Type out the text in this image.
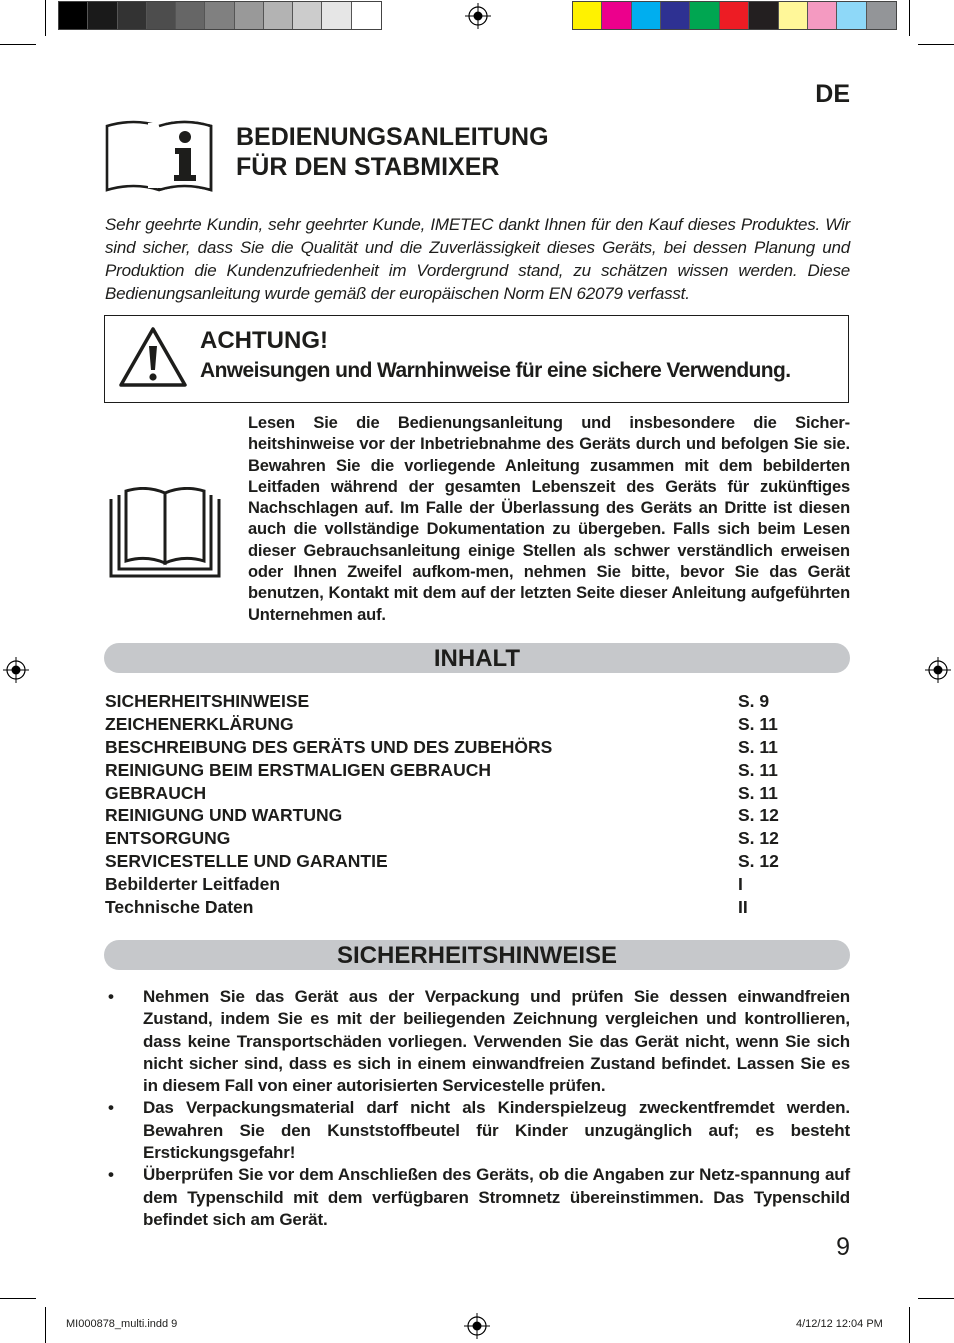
DE
BEDIENUNGSANLEITUNG
FÜR DEN STABMIXER
Sehr geehrte Kundin, sehr geehrter Kunde, IMETEC dankt Ihnen für den Kauf dieses Produktes. Wir sind sicher, dass Sie die Qualität und die Zuverlässigkeit dieses Geräts, bei dessen Planung und Produktion die Kundenzufriedenheit im Vordergrund stand, zu schätzen wissen werden. Diese Bedienungsanleitung wurde gemäß der europäischen Norm EN 62079 verfasst.
ACHTUNG!
Anweisungen und Warnhinweise für eine sichere Verwendung.
Lesen Sie die Bedienungsanleitung und insbesondere die Sicher-heitshinweise vor der Inbetriebnahme des Geräts durch und befolgen Sie sie. Bewahren Sie die vorliegende Anleitung zusammen mit dem bebilderten Leitfaden während der gesamten Lebenszeit des Geräts für zukünftiges Nachschlagen auf. Im Falle der Überlassung des Geräts an Dritte ist diesen auch die vollständige Dokumentation zu übergeben. Falls sich beim Lesen dieser Gebrauchsanleitung einige Stellen als schwer verständlich erweisen oder Ihnen Zweifel aufkom-men, nehmen Sie bitte, bevor Sie das Gerät benutzen, Kontakt mit dem auf der letzten Seite dieser Anleitung aufgeführten Unternehmen auf.
INHALT
SICHERHEITSHINWEISE	S. 9
ZEICHENERKLÄRUNG	S. 11
BESCHREIBUNG DES GERÄTS UND DES ZUBEHÖRS	S. 11
REINIGUNG BEIM ERSTMALIGEN GEBRAUCH	S. 11
GEBRAUCH	S. 11
REINIGUNG UND WARTUNG	S. 12
ENTSORGUNG	S. 12
SERVICESTELLE UND GARANTIE	S. 12
Bebilderter Leitfaden	I
Technische Daten	II
SICHERHEITSHINWEISE
• Nehmen Sie das Gerät aus der Verpackung und prüfen Sie dessen einwandfreien Zustand, indem Sie es mit der beiliegenden Zeichnung vergleichen und kontrollieren, dass keine Transportschäden vorliegen. Verwenden Sie das Gerät nicht, wenn Sie sich nicht sicher sind, dass es sich in einem einwandfreien Zustand befindet. Lassen Sie es in diesem Fall von einer autorisierten Servicestelle prüfen.
• Das Verpackungsmaterial darf nicht als Kinderspielzeug zweckentfremdet werden. Bewahren Sie den Kunststoffbeutel für Kinder unzugänglich auf; es besteht Erstickungsgefahr!
• Überprüfen Sie vor dem Anschließen des Geräts, ob die Angaben zur Netz-spannung auf dem Typenschild mit dem verfügbaren Stromnetz übereinstimmen. Das Typenschild befindet sich am Gerät.
9
MI000878_multi.indd 9	4/12/12 12:04 PM
